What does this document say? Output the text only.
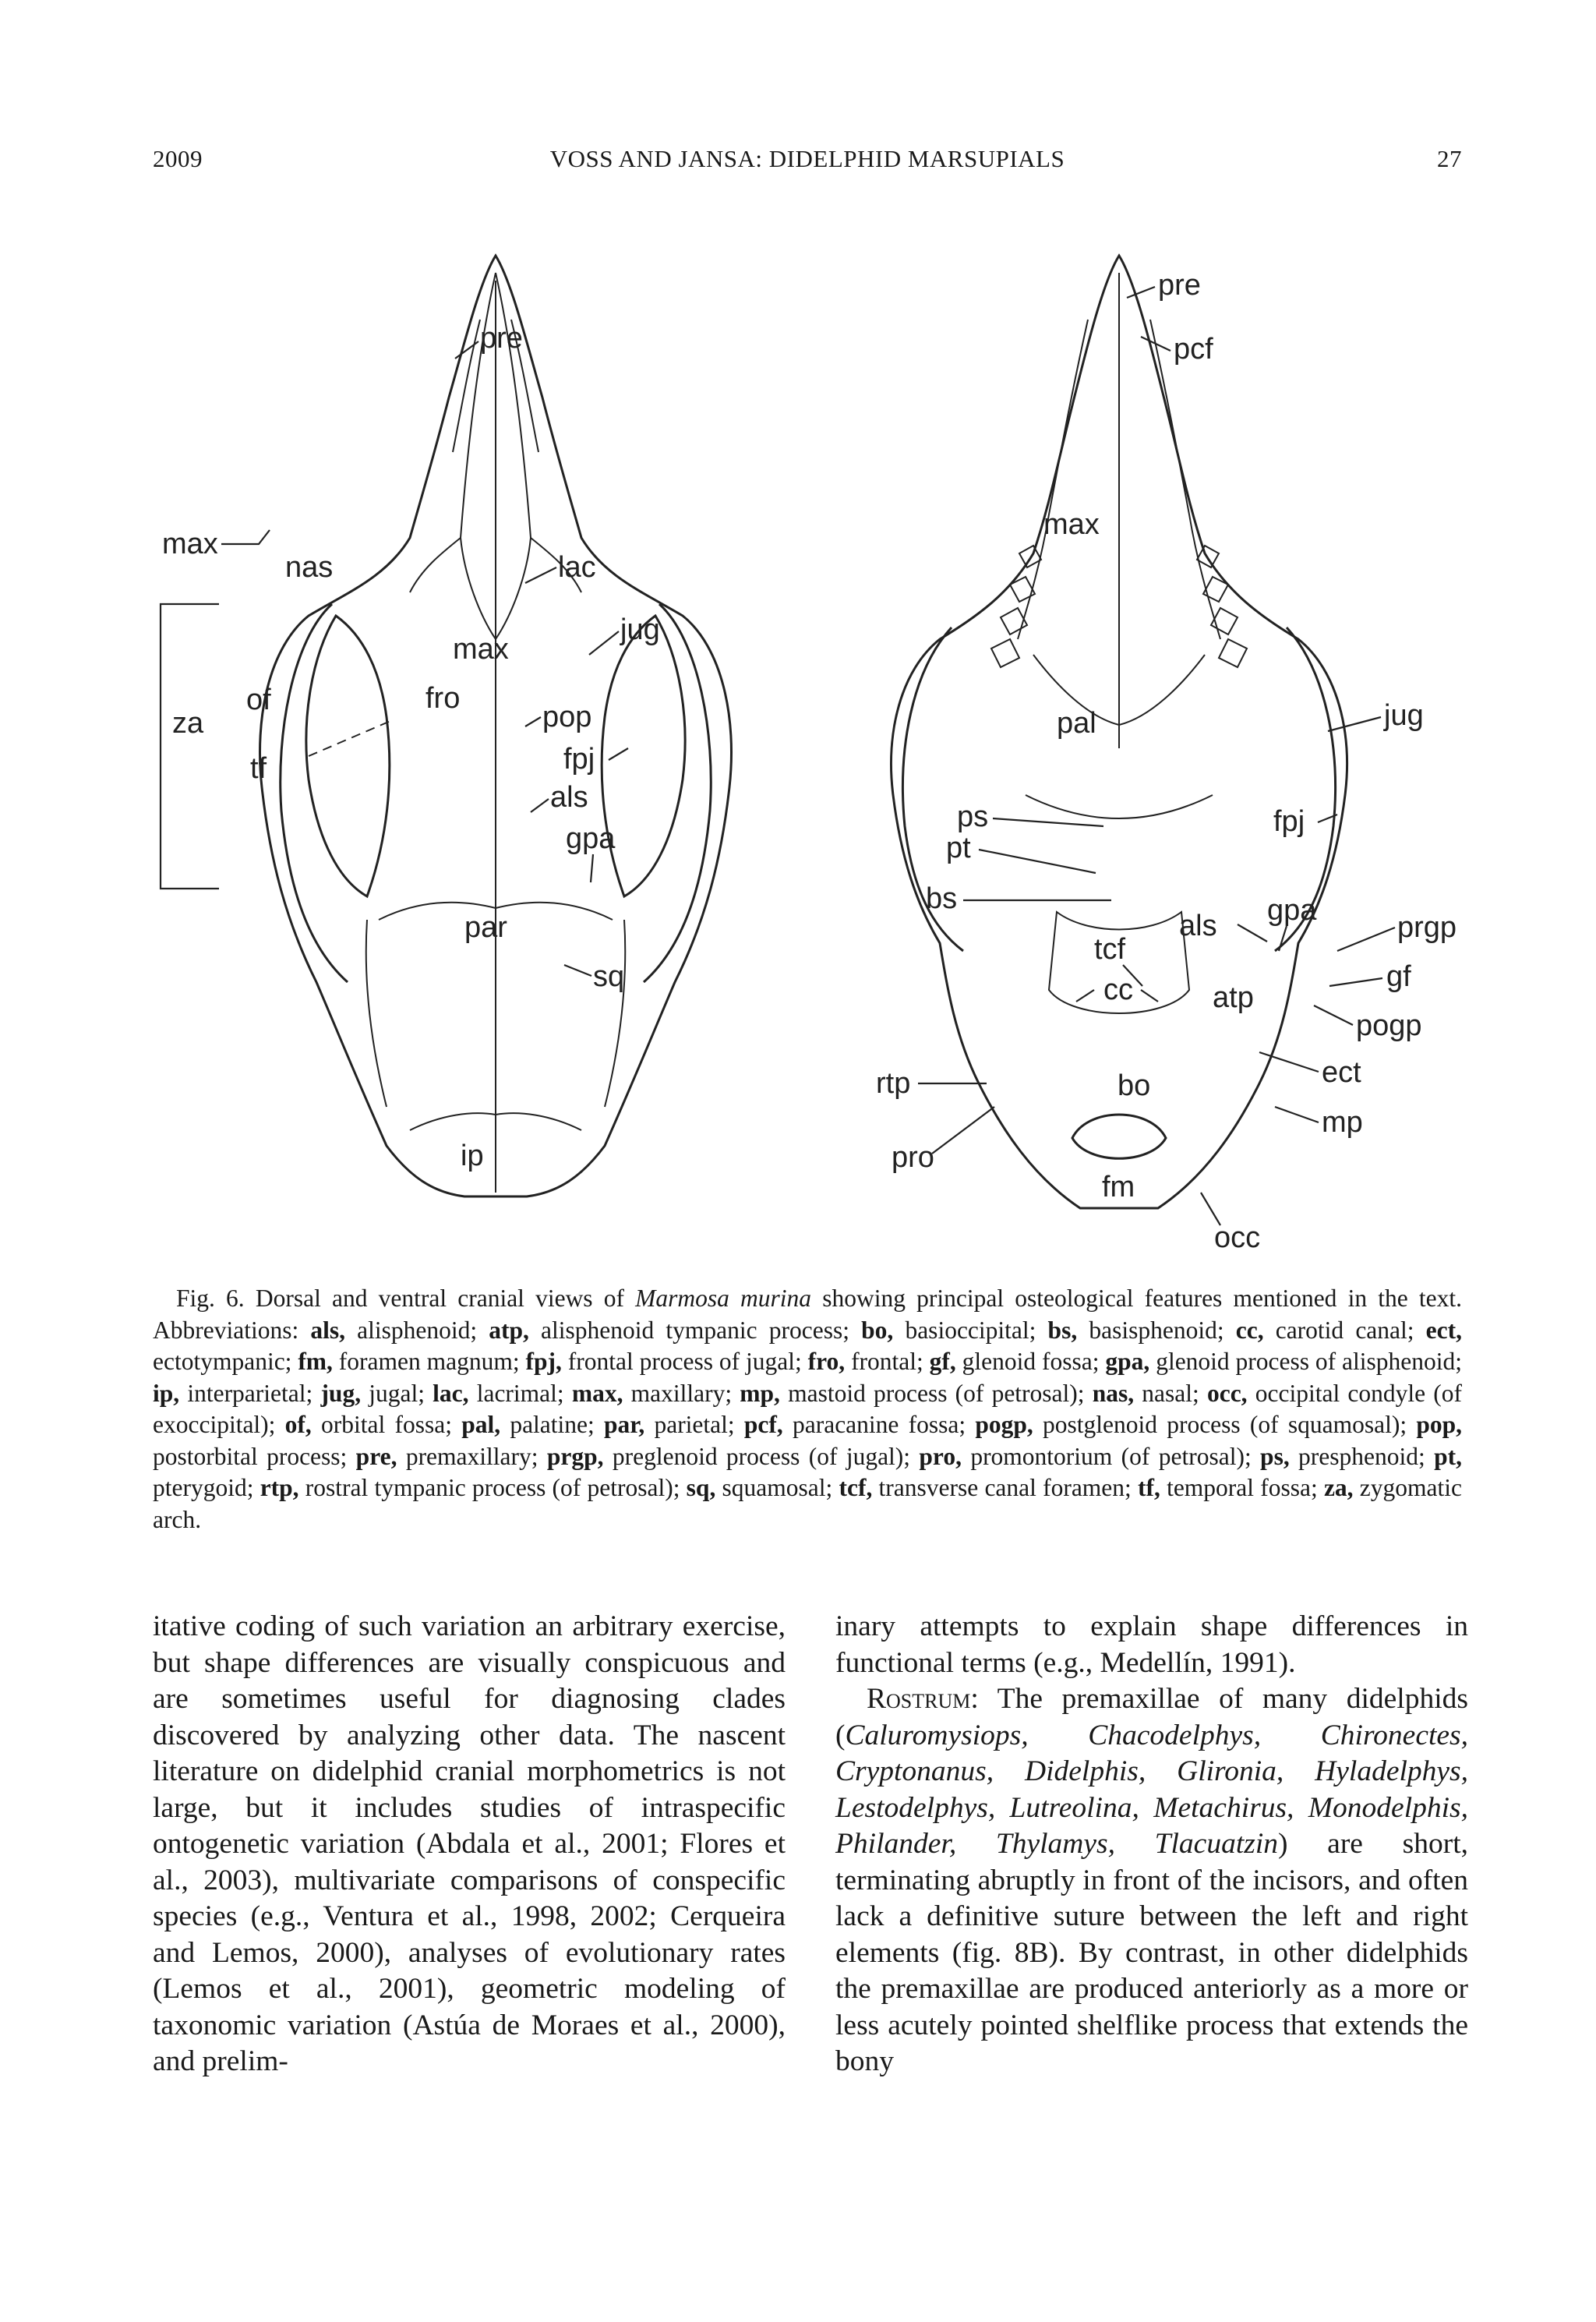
2009	VOSS AND JANSA: DIDELPHID MARSUPIALS	27
pre
max
nas	lac
max
jug
za
of	fro
pop
fpj
tf
als
gpa
par
sq
ip
pre
pcf
max
jug
pal
fpj
ps
pt
bs
als gpa
prgp
tcf
gf
cc	atp
pogp
ect
rtp	bo
mp
pro
fm
occ

Fig. 6. Dorsal and ventral cranial views of Marmosa murina showing principal osteological features mentioned in the text. Abbreviations: als, alisphenoid; atp, alisphenoid tympanic process; bo, basioccipital; bs, basisphenoid; cc, carotid canal; ect, ectotympanic; fm, foramen magnum; fpj, frontal process of jugal; fro, frontal; gf, glenoid fossa; gpa, glenoid process of alisphenoid; ip, interparietal; jug, jugal; lac, lacrimal; max, maxillary; mp, mastoid process (of petrosal); nas, nasal; occ, occipital condyle (of exoccipital); of, orbital fossa; pal, palatine; par, parietal; pcf, paracanine fossa; pogp, postglenoid process (of squamosal); pop, postorbital process; pre, premaxillary; prgp, preglenoid process (of jugal); pro, promontorium (of petrosal); ps, presphenoid; pt, pterygoid; rtp, rostral tympanic process (of petrosal); sq, squamosal; tcf, transverse canal foramen; tf, temporal fossa; za, zygomatic arch.

itative coding of such variation an arbitrary exercise, but shape differences are visually conspicuous and are sometimes useful for diagnosing clades discovered by analyzing other data. The nascent literature on didelphid cranial morphometrics is not large, but it includes studies of intraspecific ontogenetic variation (Abdala et al., 2001; Flores et al., 2003), multivariate comparisons of conspecific species (e.g., Ventura et al., 1998, 2002; Cerqueira and Lemos, 2000), analyses of evolutionary rates (Lemos et al., 2001), geometric modeling of taxonomic variation (Astúa de Moraes et al., 2000), and prelim-

inary attempts to explain shape differences in functional terms (e.g., Medellín, 1991).

Rostrum: The premaxillae of many didelphids (Caluromysiops, Chacodelphys, Chironectes, Cryptonanus, Didelphis, Glironia, Hyladelphys, Lestodelphys, Lutreolina, Metachirus, Monodelphis, Philander, Thylamys, Tlacuatzin) are short, terminating abruptly in front of the incisors, and often lack a definitive suture between the left and right elements (fig. 8B). By contrast, in other didelphids the premaxillae are produced anteriorly as a more or less acutely pointed shelflike process that extends the bony
